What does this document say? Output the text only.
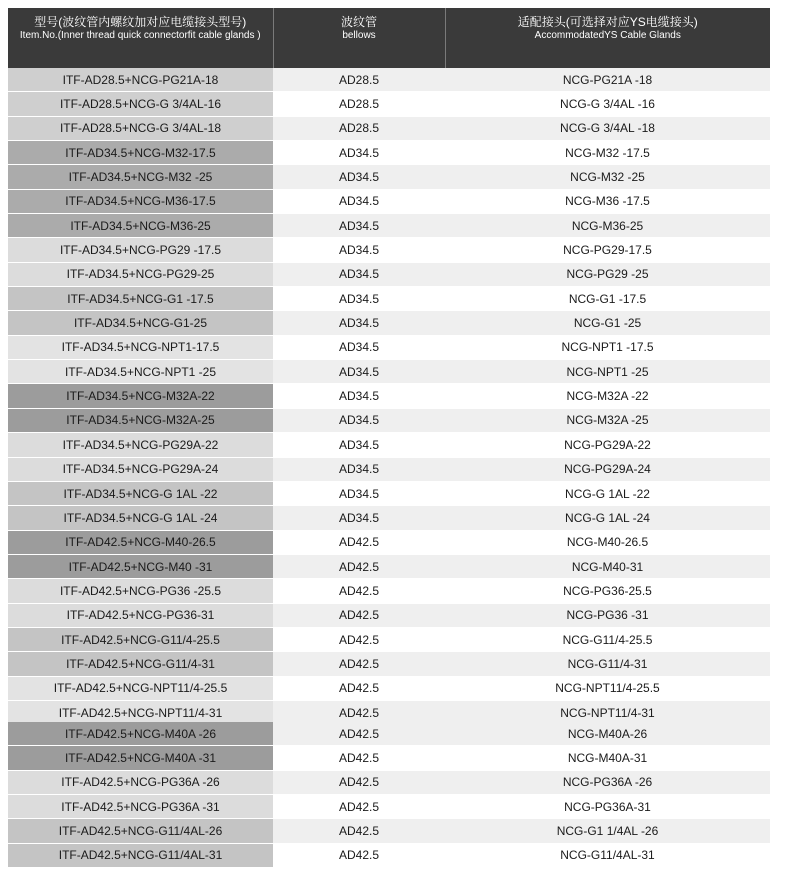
型号(波纹管内螺纹加对应电缆接头型号)
Item.No.(Inner thread quick connectorfit cable glands )	波纹管
bellows	适配接头(可选择对应YS电缆接头)
AccommodatedYS Cable Glands

ITF-AD28.5+NCG-PG21A-18	AD28.5	NCG-PG21A -18
ITF-AD28.5+NCG-G 3/4AL-16	AD28.5	NCG-G 3/4AL -16
ITF-AD28.5+NCG-G 3/4AL-18	AD28.5	NCG-G 3/4AL -18
ITF-AD34.5+NCG-M32-17.5	AD34.5	NCG-M32 -17.5
ITF-AD34.5+NCG-M32 -25	AD34.5	NCG-M32 -25
ITF-AD34.5+NCG-M36-17.5	AD34.5	NCG-M36 -17.5
ITF-AD34.5+NCG-M36-25	AD34.5	NCG-M36-25
ITF-AD34.5+NCG-PG29 -17.5	AD34.5	NCG-PG29-17.5
ITF-AD34.5+NCG-PG29-25	AD34.5	NCG-PG29 -25
ITF-AD34.5+NCG-G1 -17.5	AD34.5	NCG-G1 -17.5
ITF-AD34.5+NCG-G1-25	AD34.5	NCG-G1 -25
ITF-AD34.5+NCG-NPT1-17.5	AD34.5	NCG-NPT1 -17.5
ITF-AD34.5+NCG-NPT1 -25	AD34.5	NCG-NPT1 -25
ITF-AD34.5+NCG-M32A-22	AD34.5	NCG-M32A -22
ITF-AD34.5+NCG-M32A-25	AD34.5	NCG-M32A -25
ITF-AD34.5+NCG-PG29A-22	AD34.5	NCG-PG29A-22
ITF-AD34.5+NCG-PG29A-24	AD34.5	NCG-PG29A-24
ITF-AD34.5+NCG-G 1AL -22	AD34.5	NCG-G 1AL -22
ITF-AD34.5+NCG-G 1AL -24	AD34.5	NCG-G 1AL -24
ITF-AD42.5+NCG-M40-26.5	AD42.5	NCG-M40-26.5
ITF-AD42.5+NCG-M40 -31	AD42.5	NCG-M40-31
ITF-AD42.5+NCG-PG36 -25.5	AD42.5	NCG-PG36-25.5
ITF-AD42.5+NCG-PG36-31	AD42.5	NCG-PG36 -31
ITF-AD42.5+NCG-G11/4-25.5	AD42.5	NCG-G11/4-25.5
ITF-AD42.5+NCG-G11/4-31	AD42.5	NCG-G11/4-31
ITF-AD42.5+NCG-NPT11/4-25.5	AD42.5	NCG-NPT11/4-25.5
ITF-AD42.5+NCG-NPT11/4-31	AD42.5	NCG-NPT11/4-31
ITF-AD42.5+NCG-M40A -26	AD42.5	NCG-M40A-26
ITF-AD42.5+NCG-M40A -31	AD42.5	NCG-M40A-31
ITF-AD42.5+NCG-PG36A -26	AD42.5	NCG-PG36A -26
ITF-AD42.5+NCG-PG36A -31	AD42.5	NCG-PG36A-31
ITF-AD42.5+NCG-G11/4AL-26	AD42.5	NCG-G1 1/4AL -26
ITF-AD42.5+NCG-G11/4AL-31	AD42.5	NCG-G11/4AL-31
